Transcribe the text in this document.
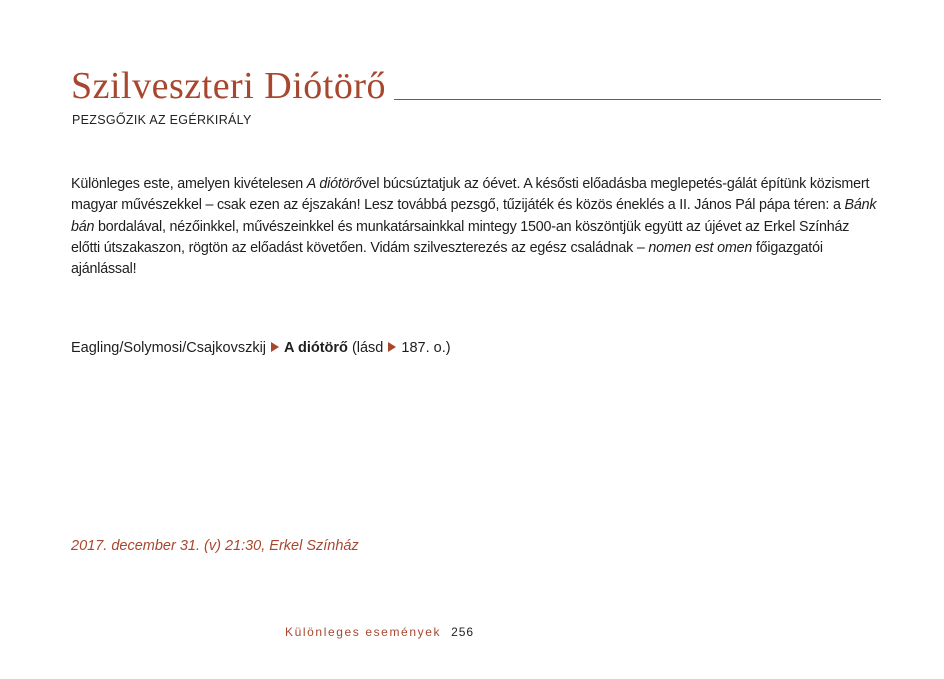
Szilveszteri Diótörő
PEZSGŐZIK AZ EGÉRKIRÁLY
Különleges este, amelyen kivételesen A diótörővel búcsúztatjuk az óévet. A késősti előadásba meglepetés-gálát építünk közismert magyar művészekkel – csak ezen az éjszakán! Lesz továbbá pezsgő, tűzijáték és közös éneklés a II. János Pál pápa téren: a Bánk bán bordalával, nézőinkkel, művészeinkkel és munkatársainkkal mintegy 1500-an köszöntjük együtt az újévet az Erkel Színház előtti útszakaszon, rögtön az előadást követően. Vidám szilveszterezés az egész családnak – nomen est omen főigazgatói ajánlással!
Eagling/Solymosi/Csajkovszkij A diótörő (lásd 187. o.)
2017. december 31. (v) 21:30, Erkel Színház
Különleges események 256
